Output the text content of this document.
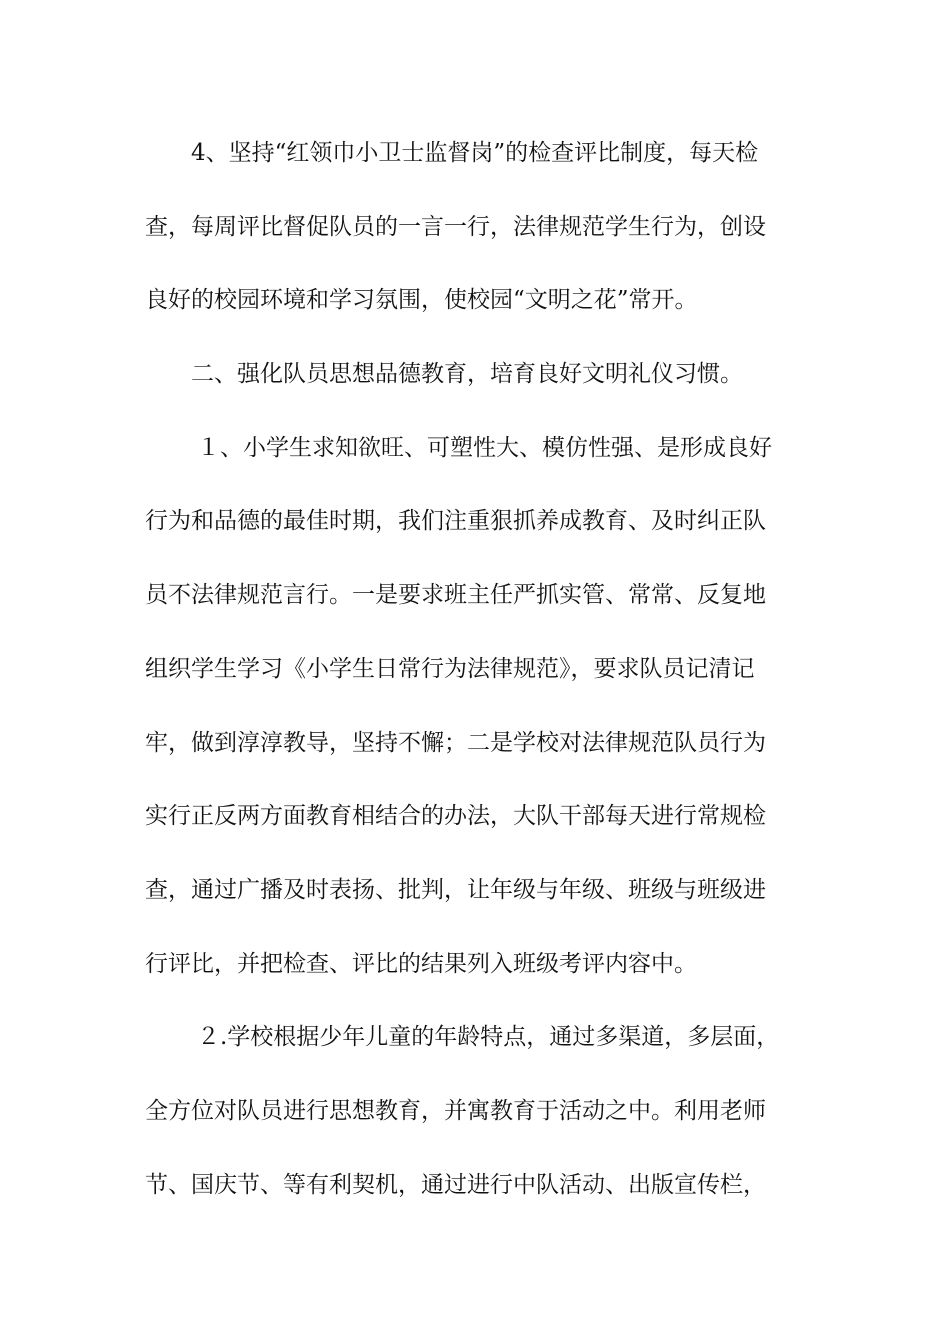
4、坚持“红领巾小卫士监督岗”的检查评比制度，每天检
查，每周评比督促队员的一言一行，法律规范学生行为，创设
良好的校园环境和学习氛围，使校园“文明之花”常开。
二、强化队员思想品德教育，培育良好文明礼仪习惯。
１、小学生求知欲旺、可塑性大、模仿性强、是形成良好
行为和品德的最佳时期，我们注重狠抓养成教育、及时纠正队
员不法律规范言行。一是要求班主任严抓实管、常常、反复地
组织学生学习《小学生日常行为法律规范》，要求队员记清记
牢，做到淳淳教导，坚持不懈；二是学校对法律规范队员行为
实行正反两方面教育相结合的办法，大队干部每天进行常规检
查，通过广播及时表扬、批判，让年级与年级、班级与班级进
行评比，并把检查、评比的结果列入班级考评内容中。
２.学校根据少年儿童的年龄特点，通过多渠道，多层面，
全方位对队员进行思想教育，并寓教育于活动之中。利用老师
节、国庆节、等有利契机，通过进行中队活动、出版宣传栏，
